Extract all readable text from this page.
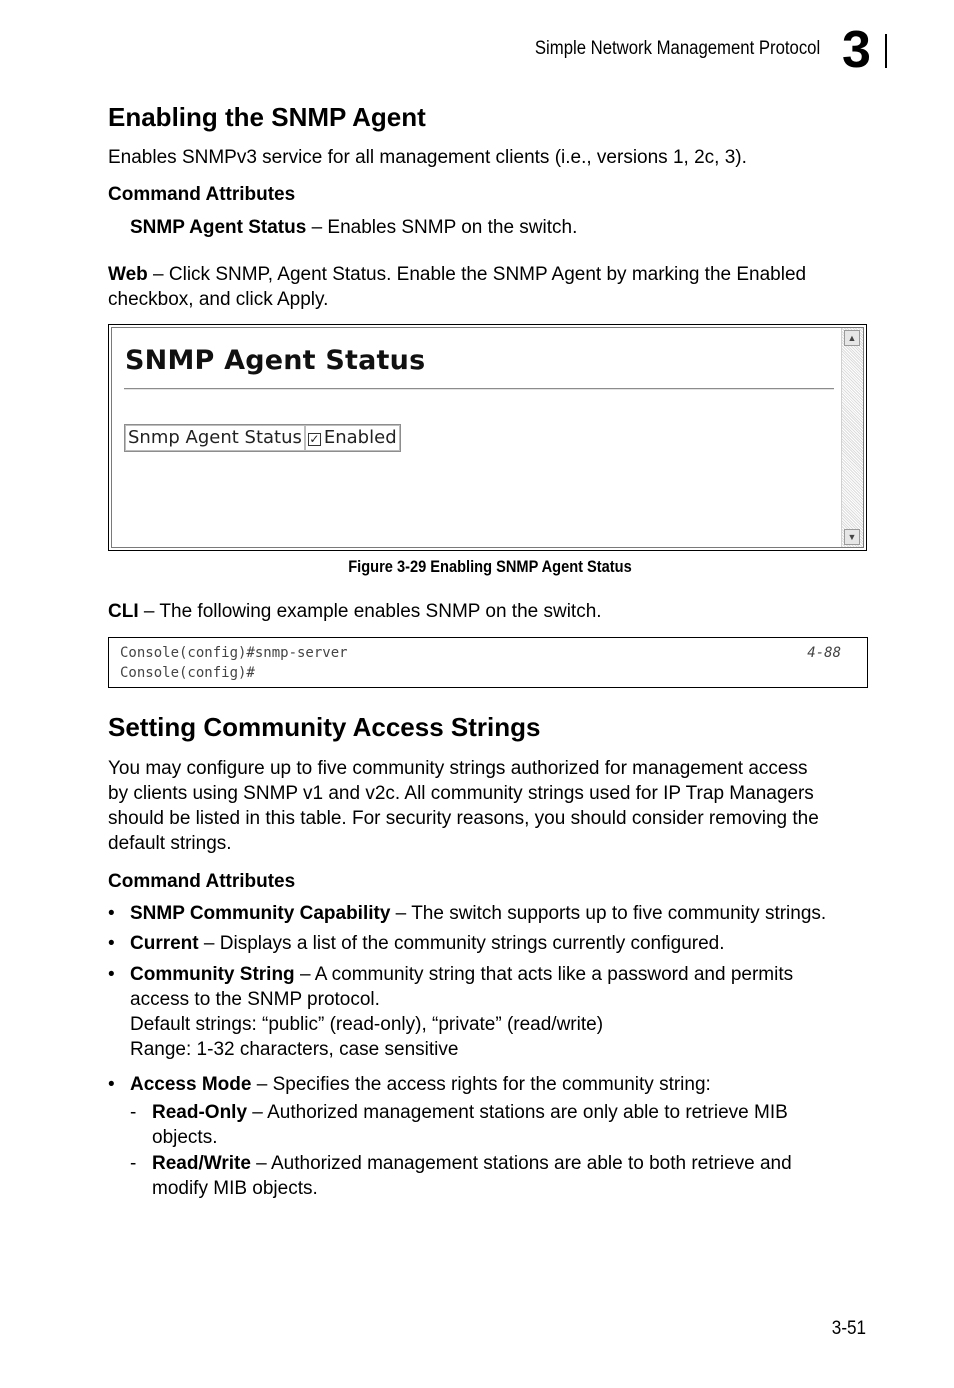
Simple Network Management Protocol 3
Enabling the SNMP Agent
Enables SNMPv3 service for all management clients (i.e., versions 1, 2c, 3).
Command Attributes
SNMP Agent Status – Enables SNMP on the switch.
Web – Click SNMP, Agent Status. Enable the SNMP Agent by marking the Enabled
checkbox, and click Apply.
SNMP Agent Status
Snmp Agent Status ✓ Enabled
▲
▼
Figure 3-29 Enabling SNMP Agent Status
CLI – The following example enables SNMP on the switch.
Console(config)#snmp-server
Console(config)#
4-88
Setting Community Access Strings
You may configure up to five community strings authorized for management access
by clients using SNMP v1 and v2c. All community strings used for IP Trap Managers
should be listed in this table. For security reasons, you should consider removing the
default strings.
Command Attributes
• SNMP Community Capability – The switch supports up to five community strings.
• Current – Displays a list of the community strings currently configured.
• Community String – A community string that acts like a password and permits
access to the SNMP protocol.
Default strings: “public” (read-only), “private” (read/write)
Range: 1-32 characters, case sensitive
• Access Mode – Specifies the access rights for the community string:
- Read-Only – Authorized management stations are only able to retrieve MIB
objects.
- Read/Write – Authorized management stations are able to both retrieve and
modify MIB objects.
3-51
